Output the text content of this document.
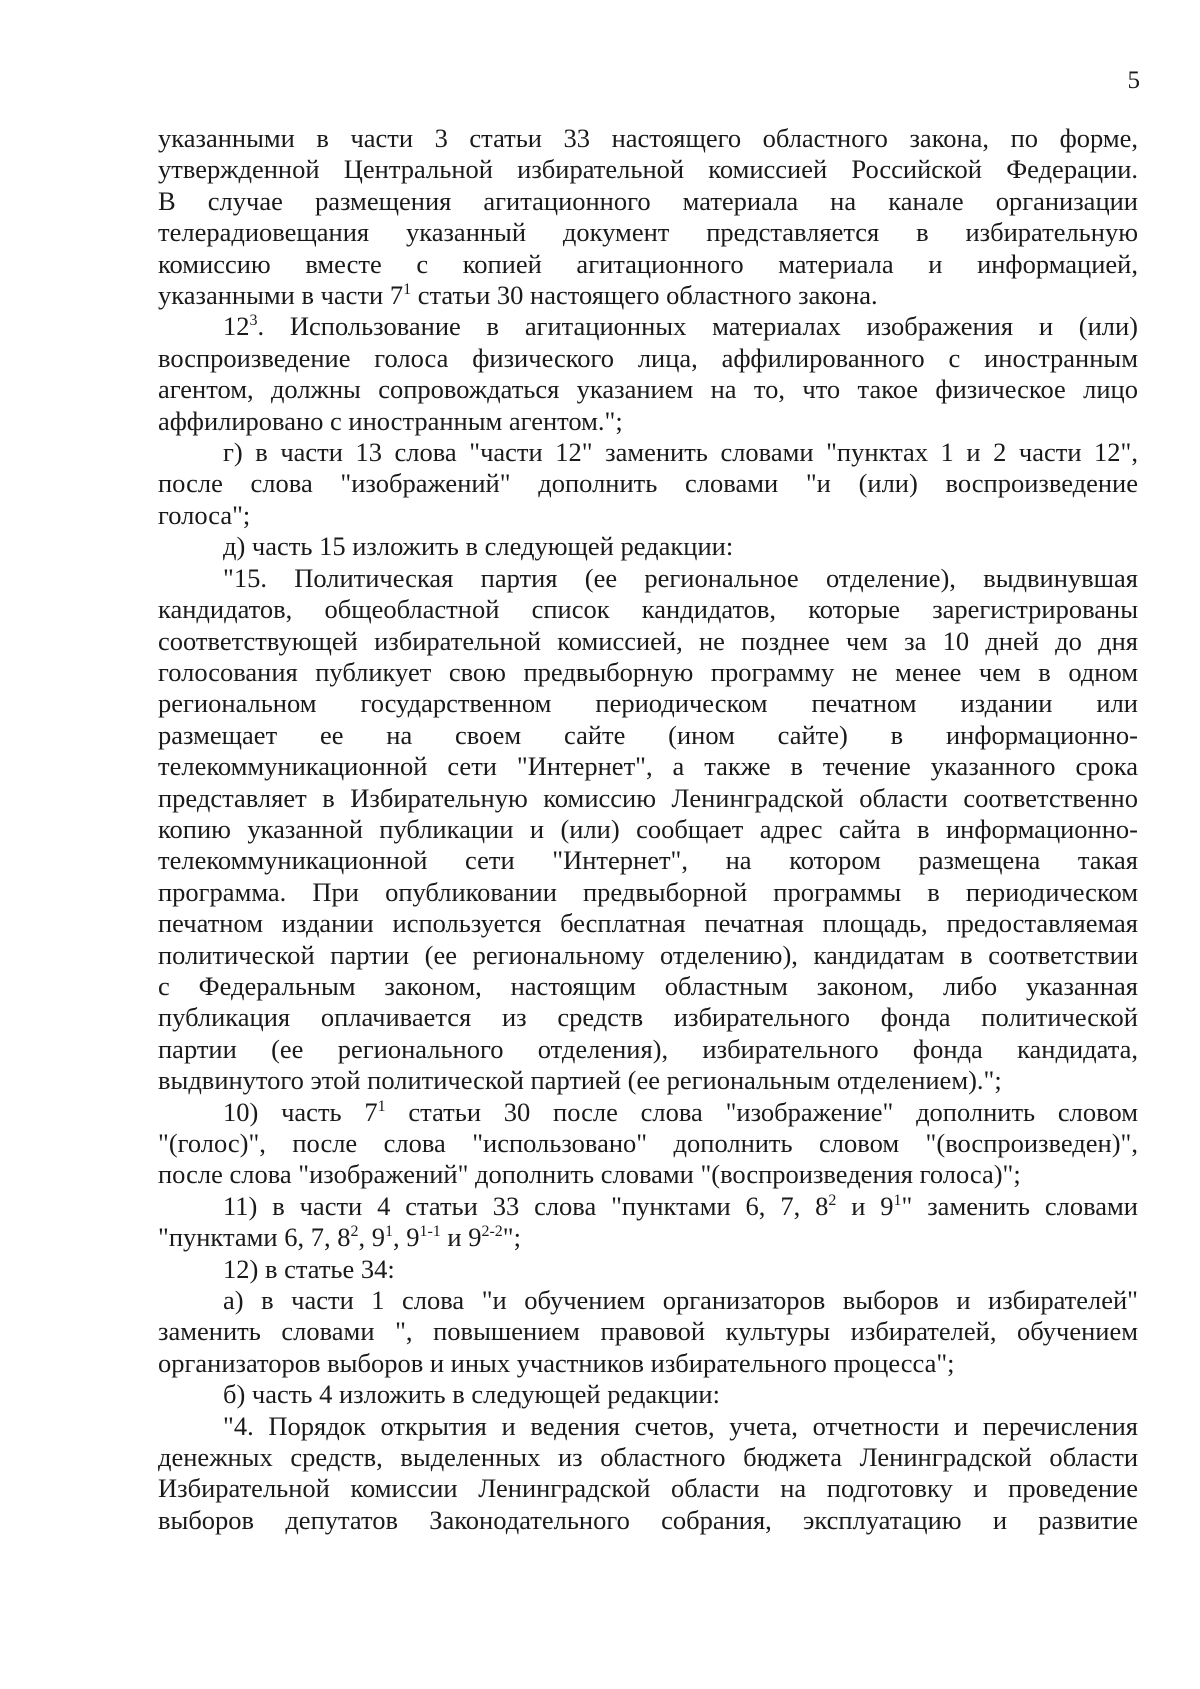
5
указанными в части 3 статьи 33 настоящего областного закона, по форме,
утвержденной Центральной избирательной комиссией Российской Федерации.
В случае размещения агитационного материала на канале организации
телерадиовещания указанный документ представляется в избирательную
комиссию вместе с копией агитационного материала и информацией,
указанными в части $7^1$ статьи 30 настоящего областного закона.
$12^3$. Использование в агитационных материалах изображения и (или)
воспроизведение голоса физического лица, аффилированного с иностранным
агентом, должны сопровождаться указанием на то, что такое физическое лицо
аффилировано с иностранным агентом.";
г) в части 13 слова "части 12" заменить словами "пунктах 1 и 2 части 12",
после слова "изображений" дополнить словами "и (или) воспроизведение
голоса";
д) часть 15 изложить в следующей редакции:
"15. Политическая партия (ее региональное отделение), выдвинувшая
кандидатов, общеобластной список кандидатов, которые зарегистрированы
соответствующей избирательной комиссией, не позднее чем за 10 дней до дня
голосования публикует свою предвыборную программу не менее чем в одном
региональном государственном периодическом печатном издании или
размещает ее на своем сайте (ином сайте) в информационно-
телекоммуникационной сети "Интернет", а также в течение указанного срока
представляет в Избирательную комиссию Ленинградской области соответственно
копию указанной публикации и (или) сообщает адрес сайта в информационно-
телекоммуникационной сети "Интернет", на котором размещена такая
программа. При опубликовании предвыборной программы в периодическом
печатном издании используется бесплатная печатная площадь, предоставляемая
политической партии (ее региональному отделению), кандидатам в соответствии
с Федеральным законом, настоящим областным законом, либо указанная
публикация оплачивается из средств избирательного фонда политической
партии (ее регионального отделения), избирательного фонда кандидата,
выдвинутого этой политической партией (ее региональным отделением).";
10) часть $7^1$ статьи 30 после слова "изображение" дополнить словом
"(голос)", после слова "использовано" дополнить словом "(воспроизведен)",
после слова "изображений" дополнить словами "(воспроизведения голоса)";
11) в части 4 статьи 33 слова "пунктами 6, 7, $8^2$ и $9^1$" заменить словами
"пунктами 6, 7, $8^2$, $9^1$, 9$^{1-1}$ и 9$^{2-2}$";
12) в статье 34:
а) в части 1 слова "и обучением организаторов выборов и избирателей"
заменить словами ", повышением правовой культуры избирателей, обучением
организаторов выборов и иных участников избирательного процесса";
б) часть 4 изложить в следующей редакции:
"4. Порядок открытия и ведения счетов, учета, отчетности и перечисления
денежных средств, выделенных из областного бюджета Ленинградской области
Избирательной комиссии Ленинградской области на подготовку и проведение
выборов депутатов Законодательного собрания, эксплуатацию и развитие
